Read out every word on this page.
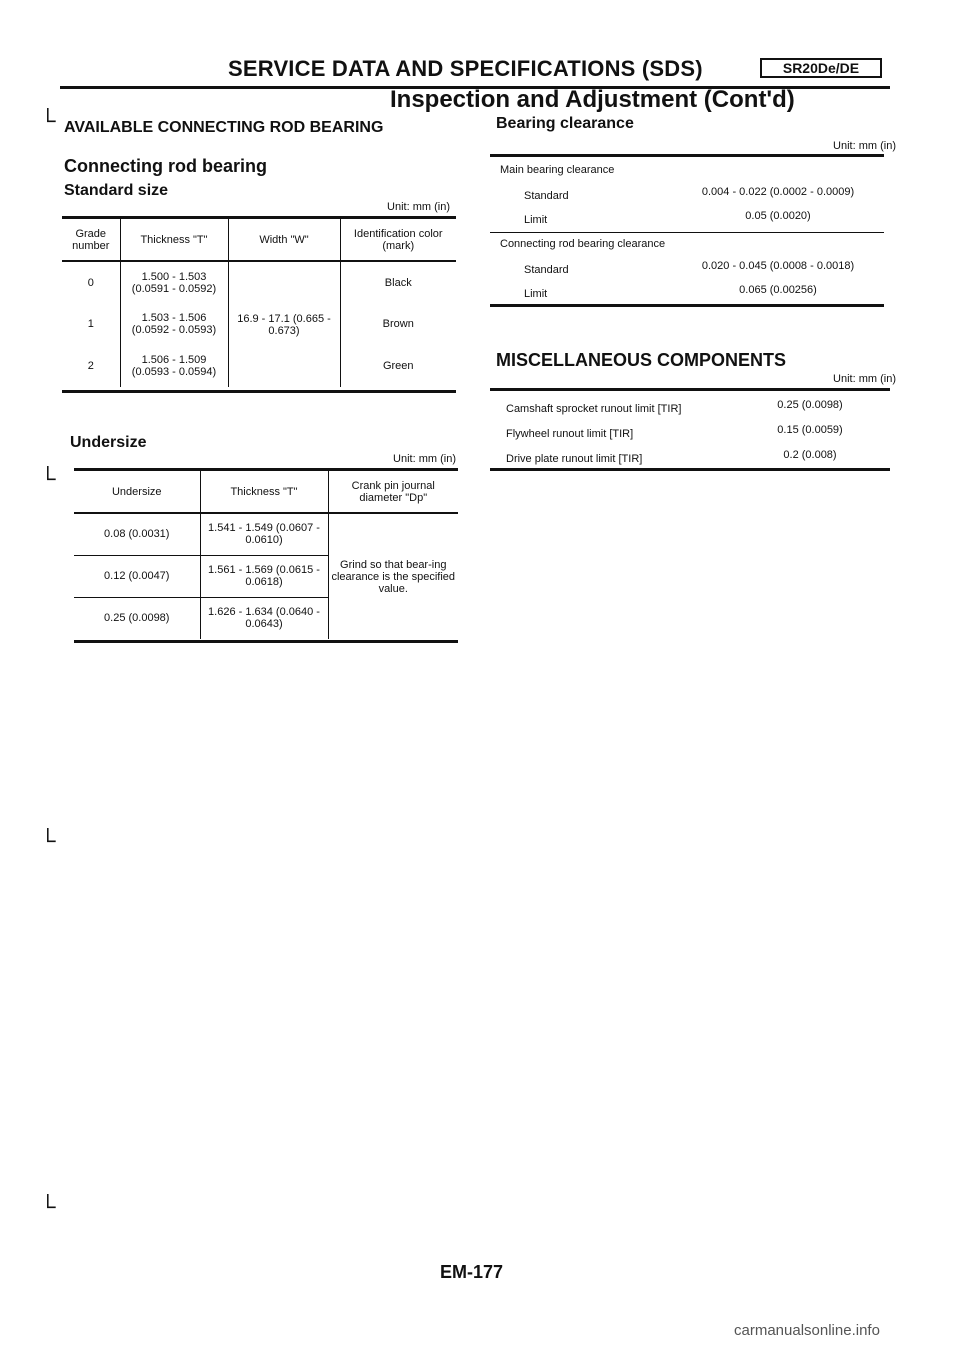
SERVICE DATA AND SPECIFICATIONS (SDS)	SR20De/DE
Inspection and Adjustment (Cont'd)
└
└
└
└
AVAILABLE CONNECTING ROD BEARING
Connecting rod bearing
Standard size
Unit: mm (in)
Grade number	Thickness "T"	Width "W"	Identification color (mark)
0	1.500 - 1.503 (0.0591 - 0.0592)	16.9 - 17.1 (0.665 - 0.673)	Black
1	1.503 - 1.506 (0.0592 - 0.0593)		Brown
2	1.506 - 1.509 (0.0593 - 0.0594)		Green
Undersize
Unit: mm (in)
Undersize	Thickness "T"	Crank pin journal diameter "Dp"
0.08 (0.0031)	1.541 - 1.549 (0.0607 - 0.0610)	Grind so that bear-ing clearance is the specified value.
0.12 (0.0047)	1.561 - 1.569 (0.0615 - 0.0618)	
0.25 (0.0098)	1.626 - 1.634 (0.0640 - 0.0643)	
Bearing clearance
Unit: mm (in)
Main bearing clearance
Standard	0.004 - 0.022 (0.0002 - 0.0009)
Limit	0.05 (0.0020)
Connecting rod bearing clearance
Standard	0.020 - 0.045 (0.0008 - 0.0018)
Limit	0.065 (0.00256)
MISCELLANEOUS COMPONENTS
Unit: mm (in)
Camshaft sprocket runout limit [TIR]	0.25 (0.0098)
Flywheel runout limit [TIR]	0.15 (0.0059)
Drive plate runout limit [TIR]	0.2 (0.008)
EM-177
carmanualsonline.info
